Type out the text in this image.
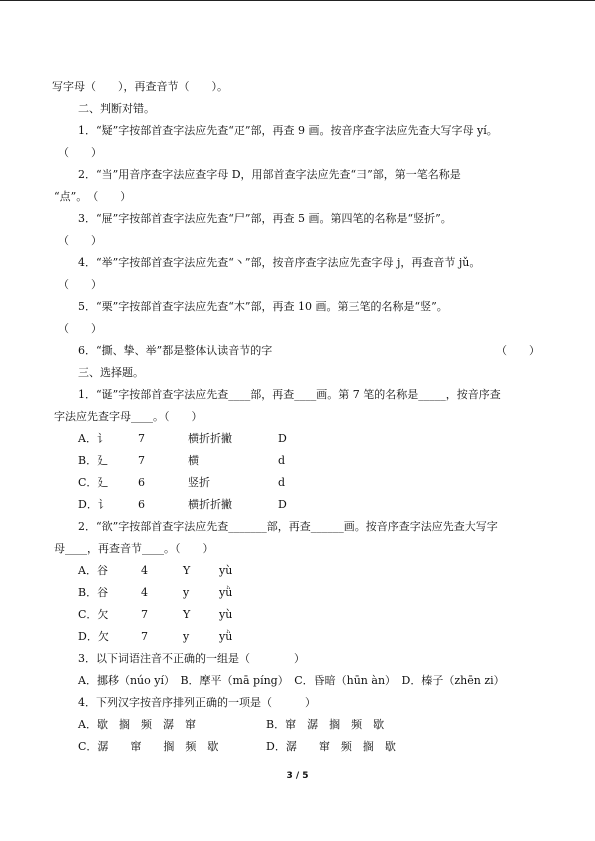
写字母（　　），再查音节（　　）。
二、判断对错。
1．“疑”字按部首查字法应先查“疋”部，再查 9 画。按音序查字法应先查大写字母 yí。
（　　）
2．“当”用音序查字法应查字母 D，用部首查字法应先查“彐”部，第一笔名称是
“点”。　（　　）
3．“屉”字按部首查字法应先查“尸”部，再查 5 画。第四笔的名称是“竖折”。
（　　）
4．“举”字按部首查字法应先查“丶”部，按音序查字法应先查字母 j，再查音节 jǔ。
（　　）
5．“栗”字按部首查字法应先查“木”部，再查 10 画。第三笔的名称是“竖”。
（　　）
6．“撕、挚、举”都是整体认读音节的字	（　　）
三、选择题。
1．“诞”字按部首查字法应先查____部，再查____画。第 7 笔的名称是_____，按音序查
字法应先查字母____。（　　）
A．讠	7	横折折撇	D
B．廴	7	横	d
C．廴	6	竖折	d
D．讠	6	横折折撇	D
2．“欲”字按部首查字法应先查_______部，再查______画。按音序查字法应先查大写字
母____，再查音节____。（　　）
A．谷	4	Y	yù
B．谷	4	y	yǜ
C．欠	7	Y	yù
D．欠	7	y	yǜ
3．以下词语注音不正确的一组是（　　　　）
A．挪移（núo yí）　B．摩平（mā píng）　C．昏暗（hūn àn）　D．榛子（zhēn zi）
4．下列汉字按音序排列正确的一项是（　　　）
A．歇　搁　频　潺　窜	B．窜　潺　搁　频　歇
C．潺　　窜　　搁　频　歇	D．潺　　窜　频　搁　歇
3 / 5
